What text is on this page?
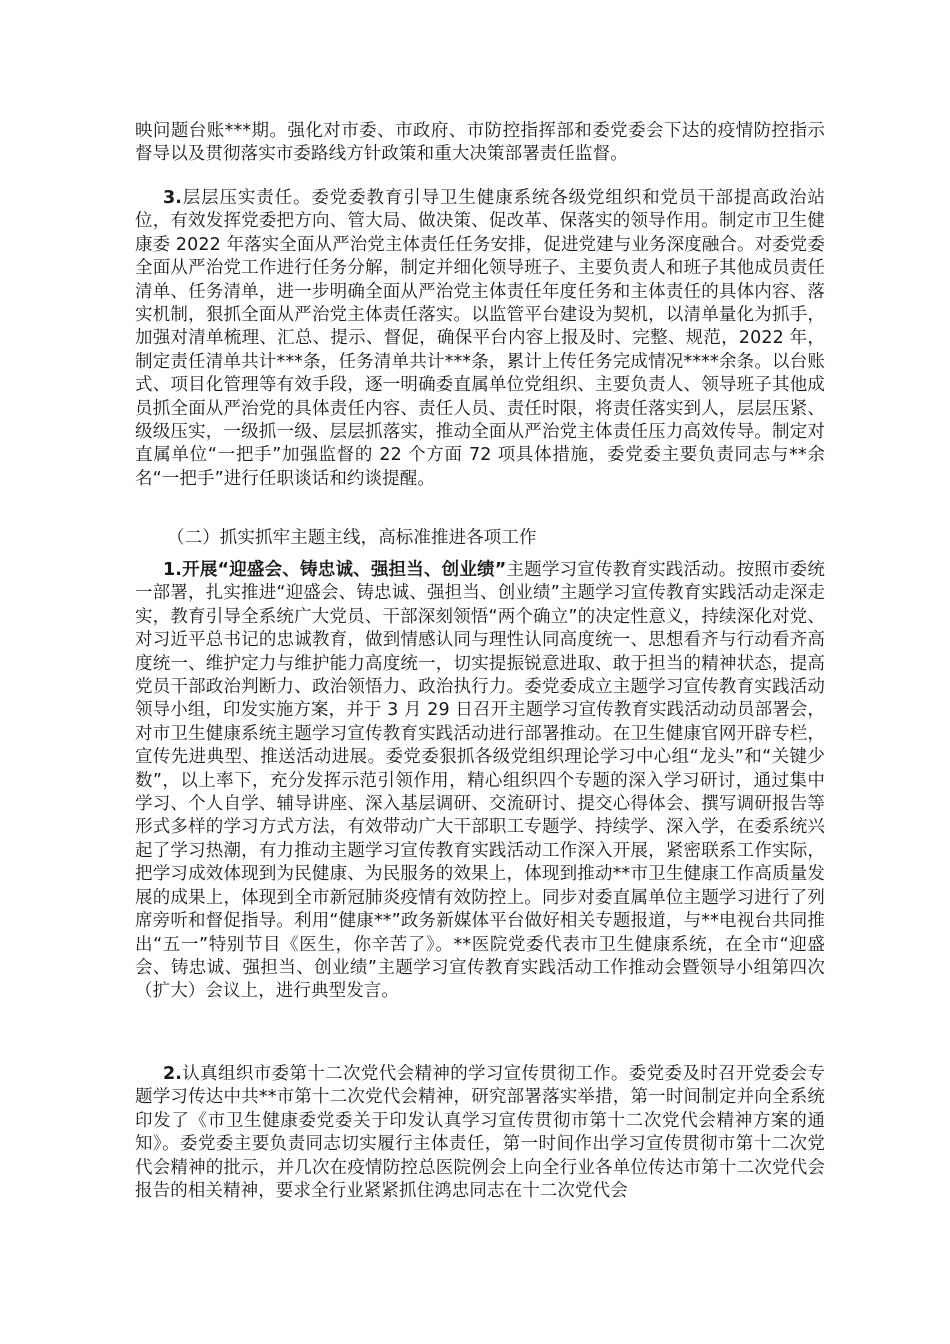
映问题台账***期。强化对市委、市政府、市防控指挥部和委党委会下达的疫情防控指示督导以及贯彻落实市委路线方针政策和重大决策部署责任监督。

3.层层压实责任。委党委教育引导卫生健康系统各级党组织和党员干部提高政治站位，有效发挥党委把方向、管大局、做决策、促改革、保落实的领导作用。制定市卫生健康委 2022 年落实全面从严治党主体责任任务安排，促进党建与业务深度融合。对委党委全面从严治党工作进行任务分解，制定并细化领导班子、主要负责人和班子其他成员责任清单、任务清单，进一步明确全面从严治党主体责任年度任务和主体责任的具体内容、落实机制，狠抓全面从严治党主体责任落实。以监管平台建设为契机，以清单量化为抓手，加强对清单梳理、汇总、提示、督促，确保平台内容上报及时、完整、规范，2022 年，制定责任清单共计***条，任务清单共计***条，累计上传任务完成情况****余条。以台账式、项目化管理等有效手段，逐一明确委直属单位党组织、主要负责人、领导班子其他成员抓全面从严治党的具体责任内容、责任人员、责任时限，将责任落实到人，层层压紧、级级压实，一级抓一级、层层抓落实，推动全面从严治党主体责任压力高效传导。制定对直属单位“一把手”加强监督的 22 个方面 72 项具体措施，委党委主要负责同志与**余名“一把手”进行任职谈话和约谈提醒。

（二）抓实抓牢主题主线，高标准推进各项工作

1.开展“迎盛会、铸忠诚、强担当、创业绩”主题学习宣传教育实践活动。按照市委统一部署，扎实推进“迎盛会、铸忠诚、强担当、创业绩”主题学习宣传教育实践活动走深走实，教育引导全系统广大党员、干部深刻领悟“两个确立”的决定性意义，持续深化对党、对习近平总书记的忠诚教育，做到情感认同与理性认同高度统一、思想看齐与行动看齐高度统一、维护定力与维护能力高度统一，切实提振锐意进取、敢于担当的精神状态，提高党员干部政治判断力、政治领悟力、政治执行力。委党委成立主题学习宣传教育实践活动领导小组，印发实施方案，并于 3 月 29 日召开主题学习宣传教育实践活动动员部署会，对市卫生健康系统主题学习宣传教育实践活动进行部署推动。在卫生健康官网开辟专栏，宣传先进典型、推送活动进展。委党委狠抓各级党组织理论学习中心组“龙头”和“关键少数”，以上率下，充分发挥示范引领作用，精心组织四个专题的深入学习研讨，通过集中学习、个人自学、辅导讲座、深入基层调研、交流研讨、提交心得体会、撰写调研报告等形式多样的学习方式方法，有效带动广大干部职工专题学、持续学、深入学，在委系统兴起了学习热潮，有力推动主题学习宣传教育实践活动工作深入开展，紧密联系工作实际，把学习成效体现到为民健康、为民服务的效果上，体现到推动**市卫生健康工作高质量发展的成果上，体现到全市新冠肺炎疫情有效防控上。同步对委直属单位主题学习进行了列席旁听和督促指导。利用“健康**”政务新媒体平台做好相关专题报道，与**电视台共同推出“五一”特别节目《医生，你辛苦了》。**医院党委代表市卫生健康系统，在全市“迎盛会、铸忠诚、强担当、创业绩”主题学习宣传教育实践活动工作推动会暨领导小组第四次（扩大）会议上，进行典型发言。

2.认真组织市委第十二次党代会精神的学习宣传贯彻工作。委党委及时召开党委会专题学习传达中共**市第十二次党代会精神，研究部署落实举措，第一时间制定并向全系统印发了《市卫生健康委党委关于印发认真学习宣传贯彻市第十二次党代会精神方案的通知》。委党委主要负责同志切实履行主体责任，第一时间作出学习宣传贯彻市第十二次党代会精神的批示，并几次在疫情防控总医院例会上向全行业各单位传达市第十二次党代会报告的相关精神，要求全行业紧紧抓住鸿忠同志在十二次党代会
